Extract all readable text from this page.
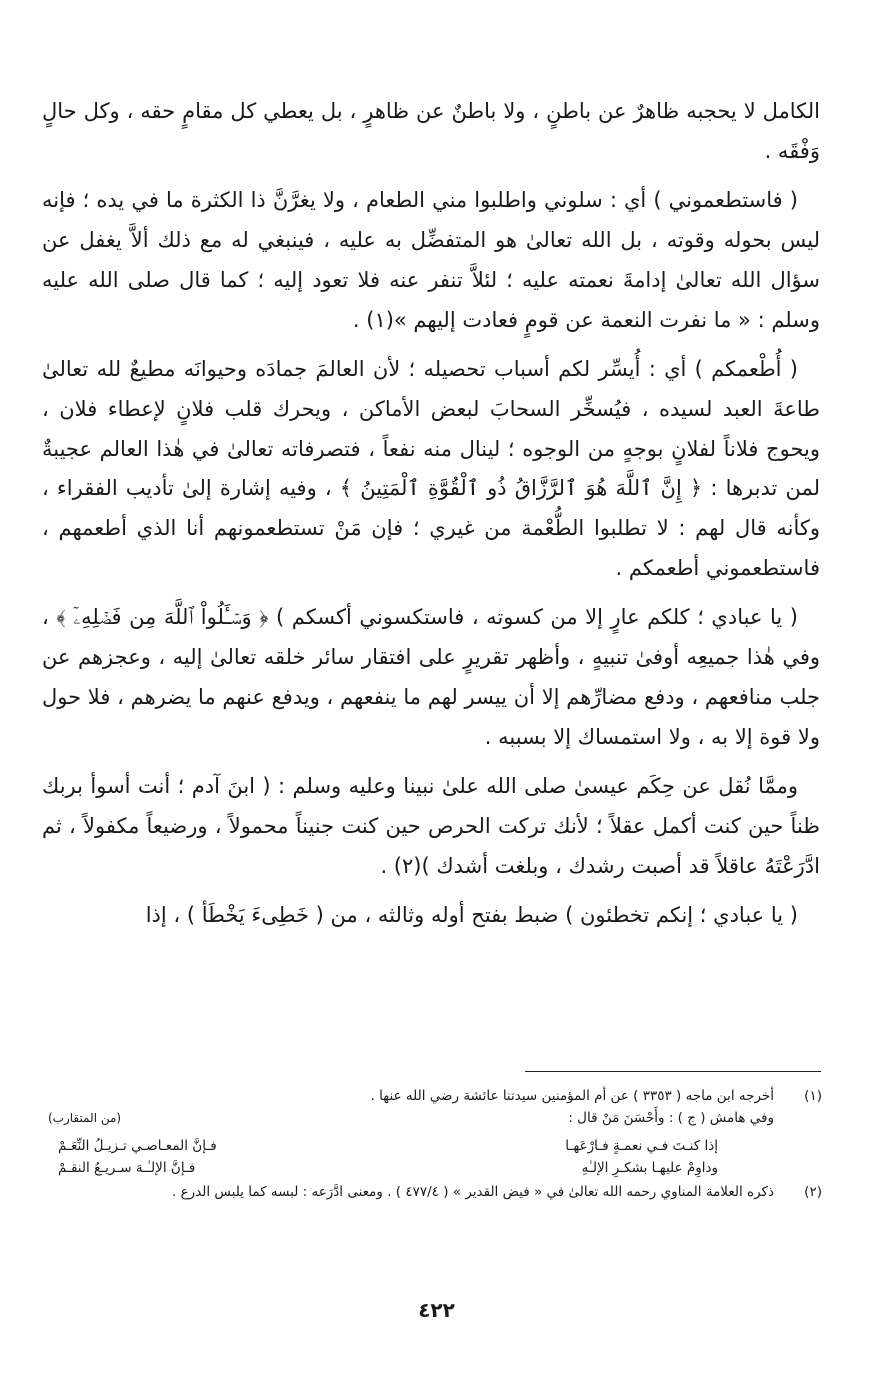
الكامل لا يحجبه ظاهرٌ عن باطنٍ ، ولا باطنٌ عن ظاهرٍ ، بل يعطي كل مقامٍ حقه ، وكل حالٍ وَفْقَه .

( فاستطعموني ) أي : سلوني واطلبوا مني الطعام ، ولا يغرَّنَّ ذا الكثرة ما في يده ؛ فإنه ليس بحوله وقوته ، بل الله تعالىٰ هو المتفضِّل به عليه ، فينبغي له مع ذلك ألاَّ يغفل عن سؤال الله تعالىٰ إدامةَ نعمته عليه ؛ لئلاَّ تنفر عنه فلا تعود إليه ؛ كما قال صلى الله عليه وسلم : « ما نفرت النعمة عن قومٍ فعادت إليهم »(١) .

( أُطْعمكم ) أي : أُيسِّر لكم أسباب تحصيله ؛ لأن العالمَ جمادَه وحيوانَه مطيعٌ لله تعالىٰ طاعةَ العبد لسيده ، فيُسخِّر السحابَ لبعض الأماكن ، ويحرك قلب فلانٍ لإعطاء فلان ، ويحوج فلاناً لفلانٍ بوجهٍ من الوجوه ؛ لينال منه نفعاً ، فتصرفاته تعالىٰ في هٰذا العالم عجيبةٌ لمن تدبرها : ﴿ إِنَّ ٱللَّهَ هُوَ ٱلرَّزَّاقُ ذُو ٱلْقُوَّةِ ٱلْمَتِينُ ﴾ ، وفيه إشارة إلىٰ تأديب الفقراء ، وكأنه قال لهم : لا تطلبوا الطُّعْمة من غيري ؛ فإن مَنْ تستطعمونهم أنا الذي أطعمهم ، فاستطعموني أطعمكم .

( يا عبادي ؛ كلكم عارٍ إلا من كسوته ، فاستكسوني أكسكم ) ﴿ وَسۡـَٔلُواْ ٱللَّهَ مِن فَضۡلِهِۦٓ ﴾ ، وفي هٰذا جميعِه أوفىٰ تنبيهٍ ، وأظهر تقريرٍ على افتقار سائر خلقه تعالىٰ إليه ، وعجزهم عن جلب منافعهم ، ودفع مضارِّهم إلا أن ييسر لهم ما ينفعهم ، ويدفع عنهم ما يضرهم ، فلا حول ولا قوة إلا به ، ولا استمساك إلا بسببه .

وممَّا نُقل عن حِكَم عيسىٰ صلى الله علىٰ نبينا وعليه وسلم : ( ابنَ آدم ؛ أنت أسوأ بربك ظناً حين كنت أكمل عقلاً ؛ لأنك تركت الحرص حين كنت جنيناً محمولاً ، ورضيعاً مكفولاً ، ثم ادَّرَعْتَهُ عاقلاً قد أصبت رشدك ، وبلغت أشدك )(٢) .

( يا عبادي ؛ إنكم تخطئون ) ضبط بفتح أوله وثالثه ، من ( خَطِىءَ يَخْطَأ ) ، إذا

(١)
أخرجه ابن ماجه ( ٣٣٥٣ ) عن أم المؤمنين سيدتنا عائشة رضي الله عنها .
وفي هامش ( ج ) : وأَحْسَنَ مَنْ قال :
(من المتقارب)
إذا كنـتَ فـي نعمـةٍ فـارْعَهـا
فـإنَّ المعـاصـي تـزيـلُ النِّعَـمْ
وداوِمْ عليهـا بشكـرِ الإلـٰهِ
فـإنَّ الإلـٰـهَ سـريـعُ النقـمْ
(٢)
ذكره العلامة المناوي رحمه الله تعالىٰ في « فيض القدير » ( ٤٧٧/٤ ) . ومعنى ادَّرَعه : لبسه كما يلبس الدرع .
٤٢٢
